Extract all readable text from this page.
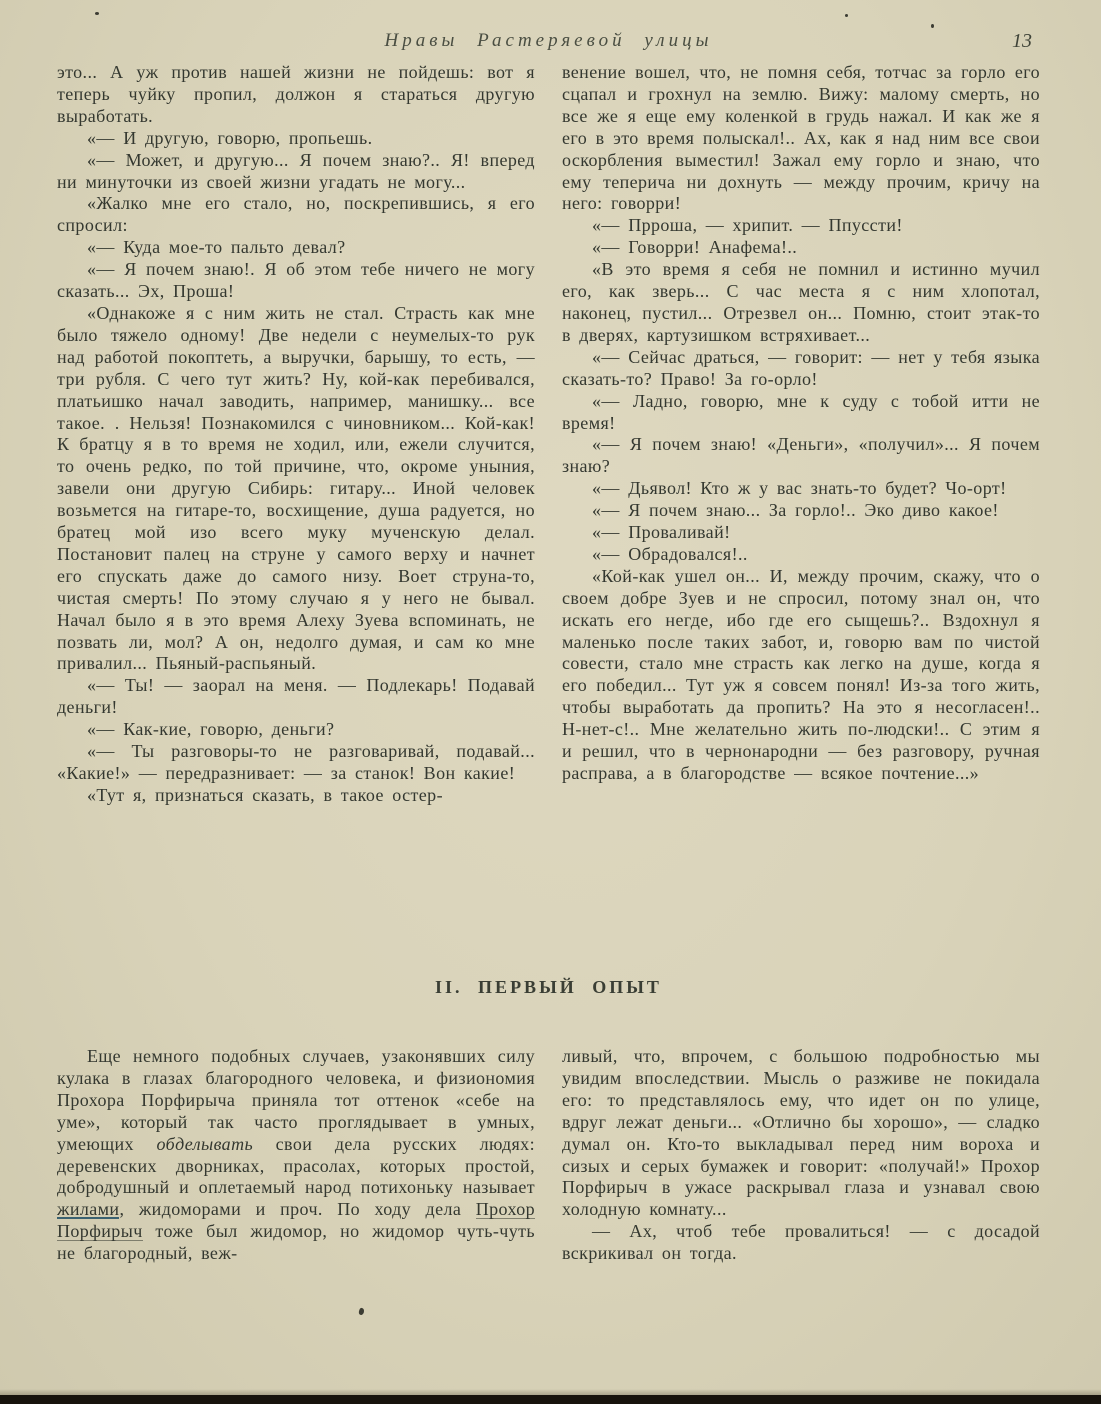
Нравы Растеряевой улицы	13

это... А уж против нашей жизни не пойдешь: вот я теперь чуйку пропил, должон я стараться другую выработать.

«— И другую, говорю, пропьешь.

«— Может, и другую... Я почем знаю?.. Я! вперед ни минуточки из своей жизни угадать не могу...

«Жалко мне его стало, но, поскрепившись, я его спросил:

«— Куда мое-то пальто девал?

«— Я почем знаю!. Я об этом тебе ничего не могу сказать... Эх, Проша!

«Однакоже я с ним жить не стал. Страсть как мне было тяжело одному! Две недели с неумелых-то рук над работой покоптеть, а выручки, барышу, то есть, — три рубля. С чего тут жить? Ну, кой-как перебивался, платьишко начал заводить, например, манишку... все такое. . Нельзя! Познакомился с чиновником... Кой-как! К братцу я в то время не ходил, или, ежели случится, то очень редко, по той причине, что, окроме уныния, завели они другую Сибирь: гитару... Иной человек возьмется на гитаре-то, восхищение, душа радуется, но братец мой изо всего муку мученскую делал. Постановит палец на струне у самого верху и начнет его спускать даже до самого низу. Воет струна-то, чистая смерть! По этому случаю я у него не бывал. Начал было я в это время Алеху Зуева вспоминать, не позвать ли, мол? А он, недолго думая, и сам ко мне привалил... Пьяный-распьяный.

«— Ты! — заорал на меня. — Подлекарь! Подавай деньги!

«— Как-кие, говорю, деньги?

«— Ты разговоры-то не разговаривай, подавай... «Какие!» — передразнивает: — за станок! Вон какие!

«Тут я, признаться сказать, в такое остер-

венение вошел, что, не помня себя, тотчас за горло его сцапал и грохнул на землю. Вижу: малому смерть, но все же я еще ему коленкой в грудь нажал. И как же я его в это время полыскал!.. Ах, как я над ним все свои оскорбления выместил! Зажал ему горло и знаю, что ему теперича ни дохнуть — между прочим, кричу на него: говорри!

«— Прроша, — хрипит. — Ппуссти!

«— Говорри! Анафема!..

«В это время я себя не помнил и истинно мучил его, как зверь... С час места я с ним хлопотал, наконец, пустил... Отрезвел он... Помню, стоит этак-то в дверях, картузишком встряхивает...

«— Сейчас драться, — говорит: — нет у тебя языка сказать-то? Право! За го-орло!

«— Ладно, говорю, мне к суду с тобой итти не время!

«— Я почем знаю! «Деньги», «получил»... Я почем знаю?

«— Дьявол! Кто ж у вас знать-то будет? Чо-орт!

«— Я почем знаю... За горло!.. Эко диво какое!

«— Проваливай!

«— Обрадовался!..

«Кой-как ушел он... И, между прочим, скажу, что о своем добре Зуев и не спросил, потому знал он, что искать его негде, ибо где его сыщешь?.. Вздохнул я маленько после таких забот, и, говорю вам по чистой совести, стало мне страсть как легко на душе, когда я его победил... Тут уж я совсем понял! Из-за того жить, чтобы выработать да пропить? На это я несогласен!.. Н-нет-с!.. Мне желательно жить по-людски!.. С этим я и решил, что в чернонародни — без разговору, ручная расправа, а в благородстве — всякое почтение...»

II. ПЕРВЫЙ ОПЫТ

Еще немного подобных случаев, узаконявших силу кулака в глазах благородного человека, и физиономия Прохора Порфирыча приняла тот оттенок «себе на уме», который так часто проглядывает в умных, умеющих обделывать свои дела русских людях: деревенских дворниках, прасолах, которых простой, добродушный и оплетаемый народ потихоньку называет жилами, жидоморами и проч. По ходу дела Прохор Порфирыч тоже был жидомор, но жидомор чуть-чуть не благородный, веж-

ливый, что, впрочем, с большою подробностью мы увидим впоследствии. Мысль о разживе не покидала его: то представлялось ему, что идет он по улице, вдруг лежат деньги... «Отлично бы хорошо», — сладко думал он. Кто-то выкладывал перед ним вороха и сизых и серых бумажек и говорит: «получай!» Прохор Порфирыч в ужасе раскрывал глаза и узнавал свою холодную комнату...

— Ах, чтоб тебе провалиться! — с досадой вскрикивал он тогда.
